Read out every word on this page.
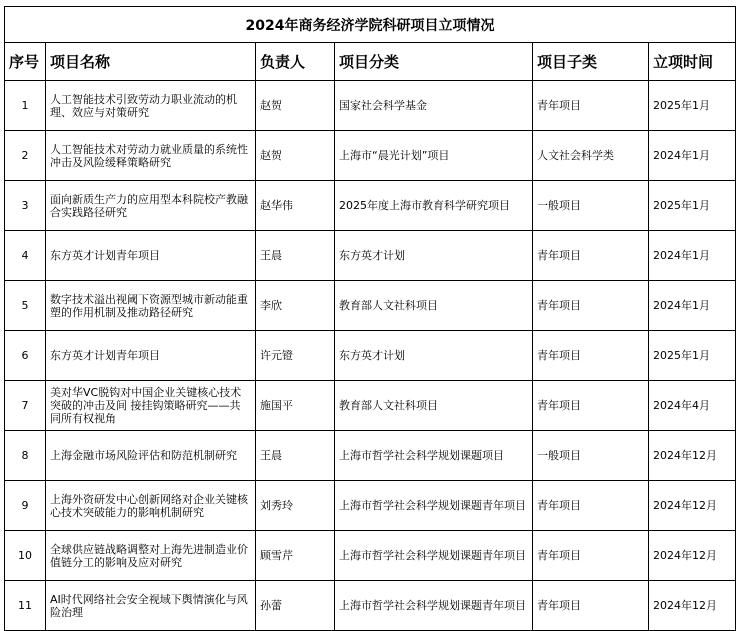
2024年商务经济学院科研项目立项情况					
序号	项目名称	负责人	项目分类	项目子类	立项时间
1	人工智能技术引致劳动力职业流动的机理、效应与对策研究	赵贺	国家社会科学基金	青年项目	2025年1月
2	人工智能技术对劳动力就业质量的系统性冲击及风险缓释策略研究	赵贺	上海市“晨光计划”项目	人文社会科学类	2024年1月
3	面向新质生产力的应用型本科院校产教融合实践路径研究	赵华伟	2025年度上海市教育科学研究项目	一般项目	2025年1月
4	东方英才计划青年项目	王晨	东方英才计划	青年项目	2024年1月
5	数字技术溢出视阈下资源型城市新动能重塑的作用机制及推动路径研究	李欣	教育部人文社科项目	青年项目	2024年1月
6	东方英才计划青年项目	许元镫	东方英才计划	青年项目	2025年1月
7	美对华VC脱钩对中国企业关键核心技术突破的冲击及间 接挂钩策略研究——共同所有权视角	施国平	教育部人文社科项目	青年项目	2024年4月
8	上海金融市场风险评估和防范机制研究	王晨	上海市哲学社会科学规划课题项目	一般项目	2024年12月
9	上海外资研发中心创新网络对企业关键核心技术突破能力的影响机制研究	刘秀玲	上海市哲学社会科学规划课题青年项目	青年项目	2024年12月
10	全球供应链战略调整对上海先进制造业价值链分工的影响及应对研究	顾雪芹	上海市哲学社会科学规划课题青年项目	青年项目	2024年12月
11	AI时代网络社会安全视域下舆情演化与风险治理	孙蕾	上海市哲学社会科学规划课题青年项目	青年项目	2024年12月
